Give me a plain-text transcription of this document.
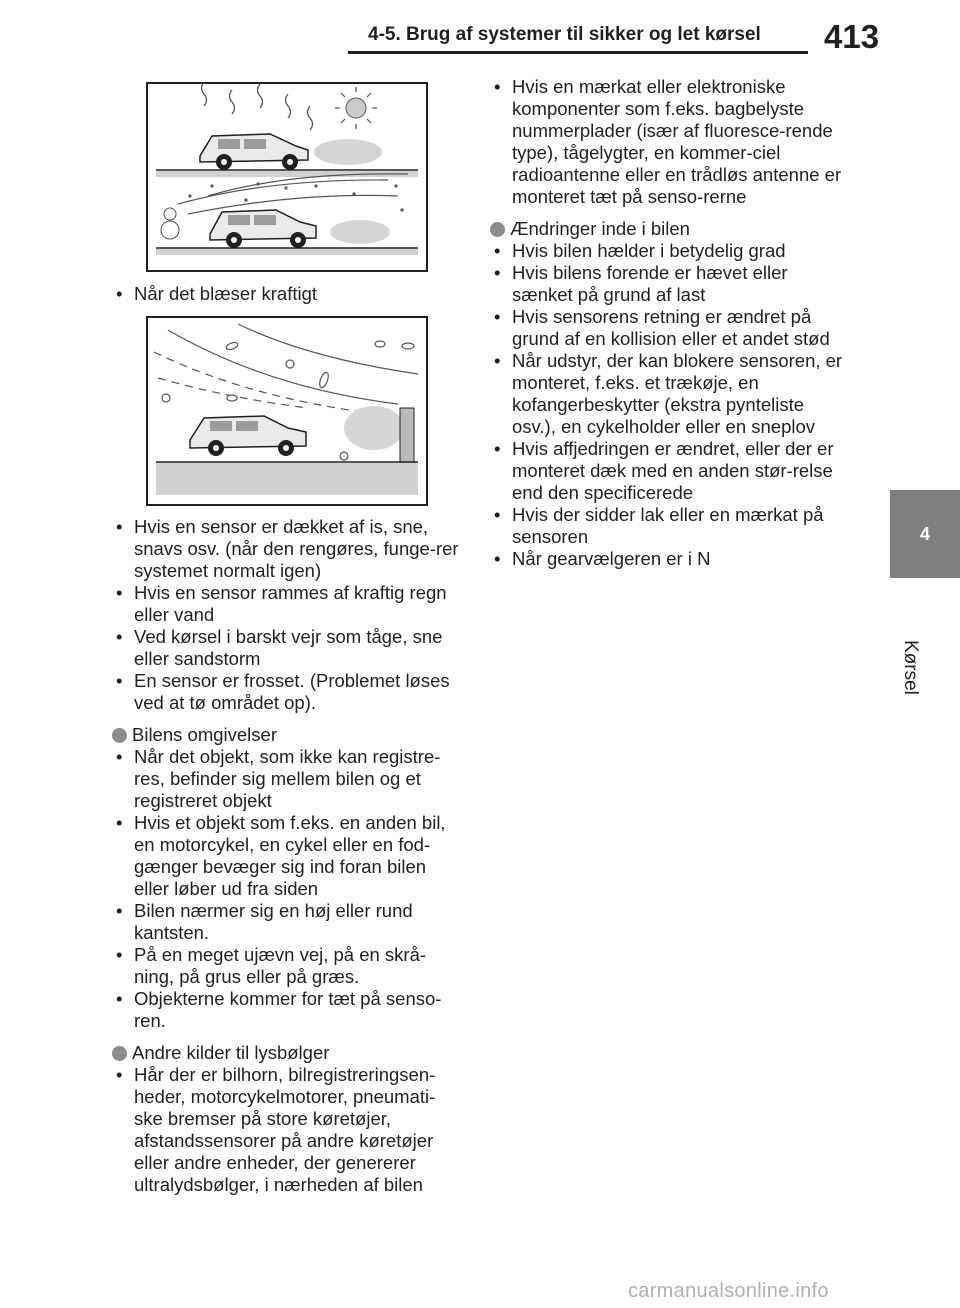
4-5. Brug af systemer til sikker og let kørsel 413
4
Kørsel
• Når det blæser kraftigt
• Hvis en sensor er dækket af is, sne, snavs osv. (når den rengøres, funge-rer systemet normalt igen)
• Hvis en sensor rammes af kraftig regn eller vand
• Ved kørsel i barskt vejr som tåge, sne eller sandstorm
• En sensor er frosset. (Problemet løses ved at tø området op).
Bilens omgivelser
• Når det objekt, som ikke kan registre-res, befinder sig mellem bilen og et registreret objekt
• Hvis et objekt som f.eks. en anden bil, en motorcykel, en cykel eller en fod-gænger bevæger sig ind foran bilen eller løber ud fra siden
• Bilen nærmer sig en høj eller rund kantsten.
• På en meget ujævn vej, på en skrå-ning, på grus eller på græs.
• Objekterne kommer for tæt på senso-ren.
Andre kilder til lysbølger
• Hår der er bilhorn, bilregistreringsen-heder, motorcykelmotorer, pneumati-ske bremser på store køretøjer, afstandssensorer på andre køretøjer eller andre enheder, der genererer ultralydsbølger, i nærheden af bilen
• Hvis en mærkat eller elektroniske komponenter som f.eks. bagbelyste nummerplader (især af fluoresce-rende type), tågelygter, en kommer-ciel radioantenne eller en trådløs antenne er monteret tæt på senso-rerne
Ændringer inde i bilen
• Hvis bilen hælder i betydelig grad
• Hvis bilens forende er hævet eller sænket på grund af last
• Hvis sensorens retning er ændret på grund af en kollision eller et andet stød
• Når udstyr, der kan blokere sensoren, er monteret, f.eks. et trækøje, en kofangerbeskytter (ekstra pynteliste osv.), en cykelholder eller en sneplov
• Hvis affjedringen er ændret, eller der er monteret dæk med en anden stør-relse end den specificerede
• Hvis der sidder lak eller en mærkat på sensoren
• Når gearvælgeren er i N
carmanualsonline.info
